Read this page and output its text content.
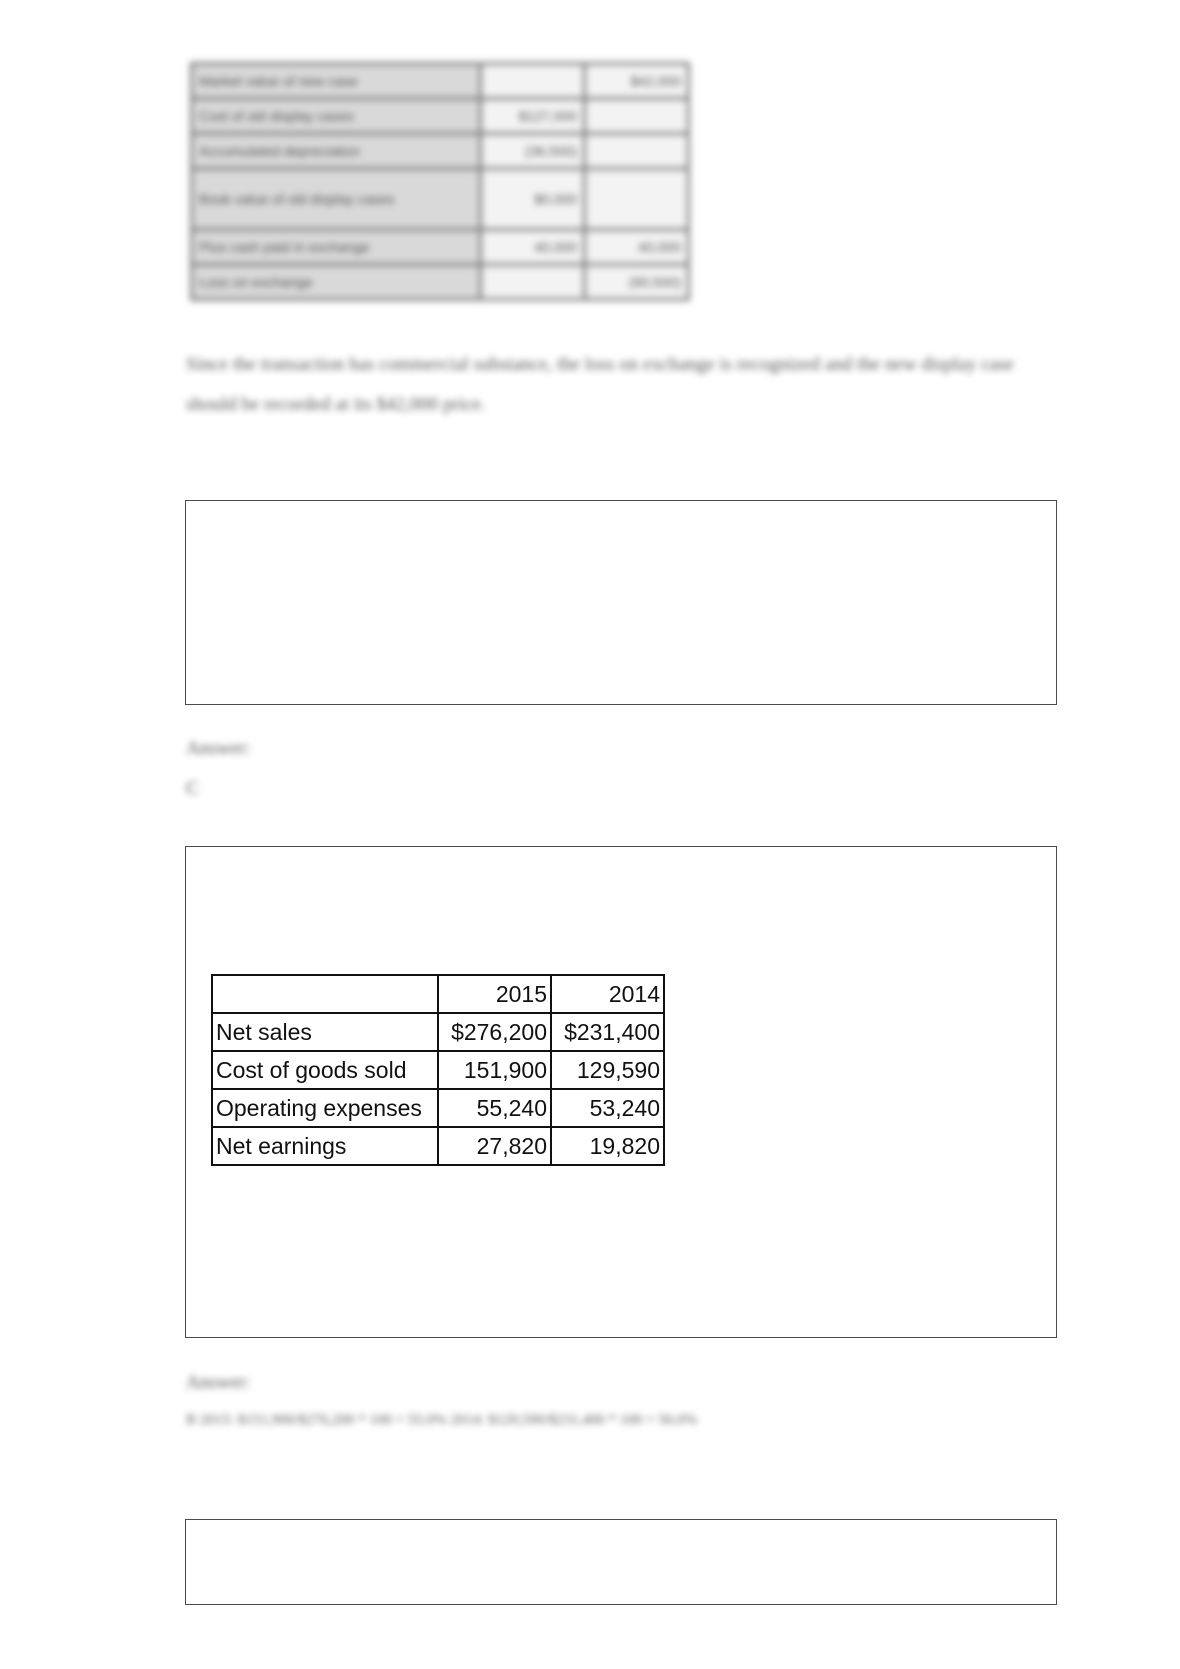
Market value of new case		$42,000
Cost of old display cases	$127,000	
Accumulated depreciation	(36,500)	
Book value of old display cases	$0,000	
Plus cash paid in exchange	40,000	40,000
Loss on exchange		(90,500)
Since the transaction has commercial substance, the loss on exchange is recognized and the new display case should be recorded at its $42,000 price.
Answer:
C
	2015	2014
Net sales	$276,200	$231,400
Cost of goods sold	151,900	129,590
Operating expenses	55,240	53,240
Net earnings	27,820	19,820
Answer:
B 2015: $151,900/$276,200 * 100 = 55.0% 2014: $129,590/$231,400 * 100 = 56.0%
